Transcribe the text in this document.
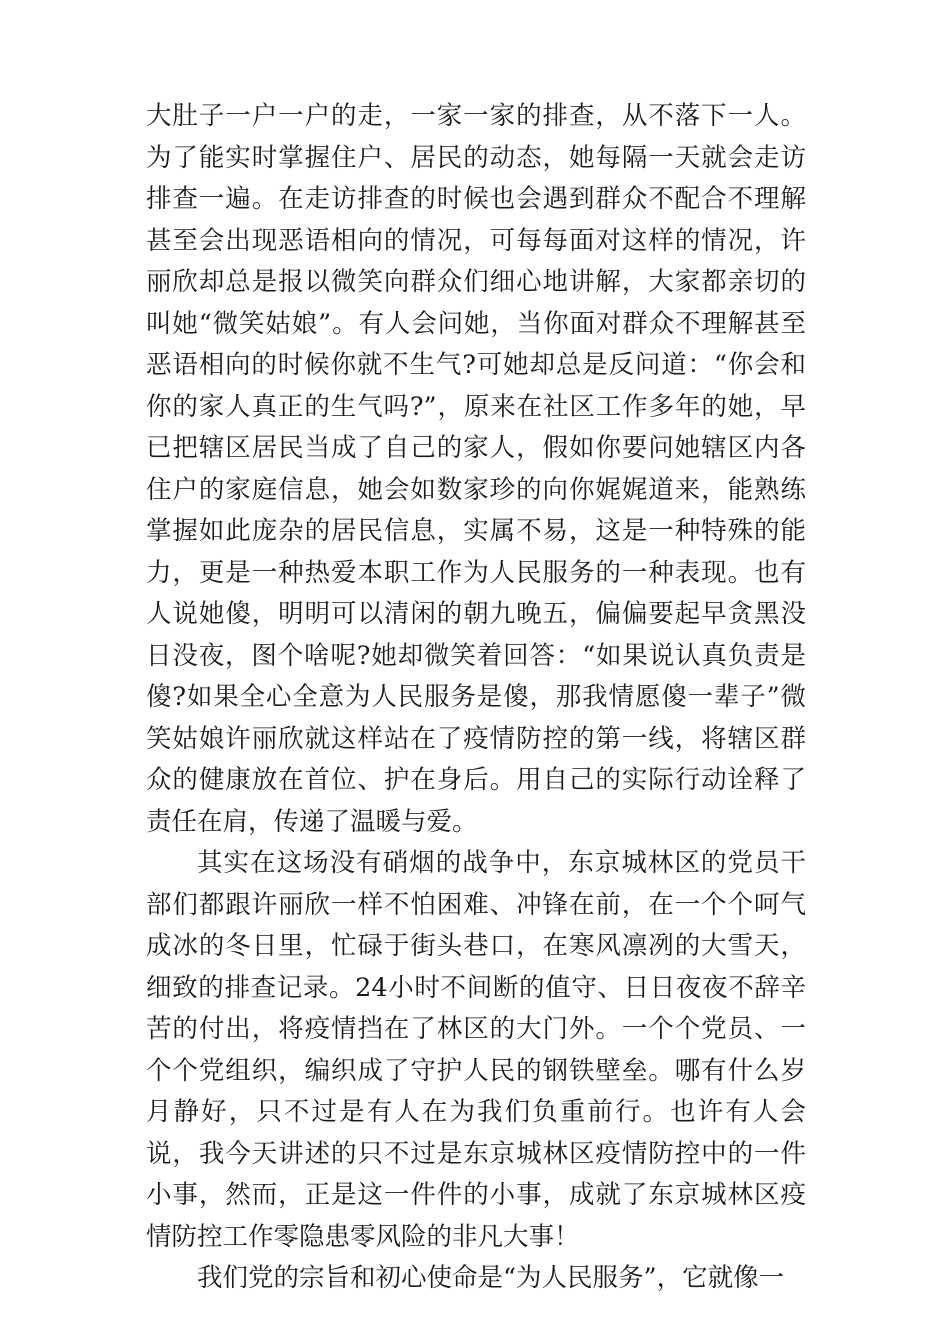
大肚子一户一户的走，一家一家的排查，从不落下一人。为了能实时掌握住户、居民的动态，她每隔一天就会走访排查一遍。在走访排查的时候也会遇到群众不配合不理解甚至会出现恶语相向的情况，可每每面对这样的情况，许丽欣却总是报以微笑向群众们细心地讲解，大家都亲切的叫她“微笑姑娘”。有人会问她，当你面对群众不理解甚至恶语相向的时候你就不生气?可她却总是反问道：“你会和你的家人真正的生气吗?”，原来在社区工作多年的她，早已把辖区居民当成了自己的家人，假如你要问她辖区内各住户的家庭信息，她会如数家珍的向你娓娓道来，能熟练掌握如此庞杂的居民信息，实属不易，这是一种特殊的能力，更是一种热爱本职工作为人民服务的一种表现。也有人说她傻，明明可以清闲的朝九晚五，偏偏要起早贪黑没日没夜，图个啥呢?她却微笑着回答：“如果说认真负责是傻?如果全心全意为人民服务是傻，那我情愿傻一辈子”微笑姑娘许丽欣就这样站在了疫情防控的第一线，将辖区群众的健康放在首位、护在身后。用自己的实际行动诠释了责任在肩，传递了温暖与爱。

其实在这场没有硝烟的战争中，东京城林区的党员干部们都跟许丽欣一样不怕困难、冲锋在前，在一个个呵气成冰的冬日里，忙碌于街头巷口，在寒风凛冽的大雪天，细致的排查记录。24小时不间断的值守、日日夜夜不辞辛苦的付出，将疫情挡在了林区的大门外。一个个党员、一个个党组织，编织成了守护人民的钢铁壁垒。哪有什么岁月静好，只不过是有人在为我们负重前行。也许有人会说，我今天讲述的只不过是东京城林区疫情防控中的一件小事，然而，正是这一件件的小事，成就了东京城林区疫情防控工作零隐患零风险的非凡大事！

我们党的宗旨和初心使命是“为人民服务”，它就像一
